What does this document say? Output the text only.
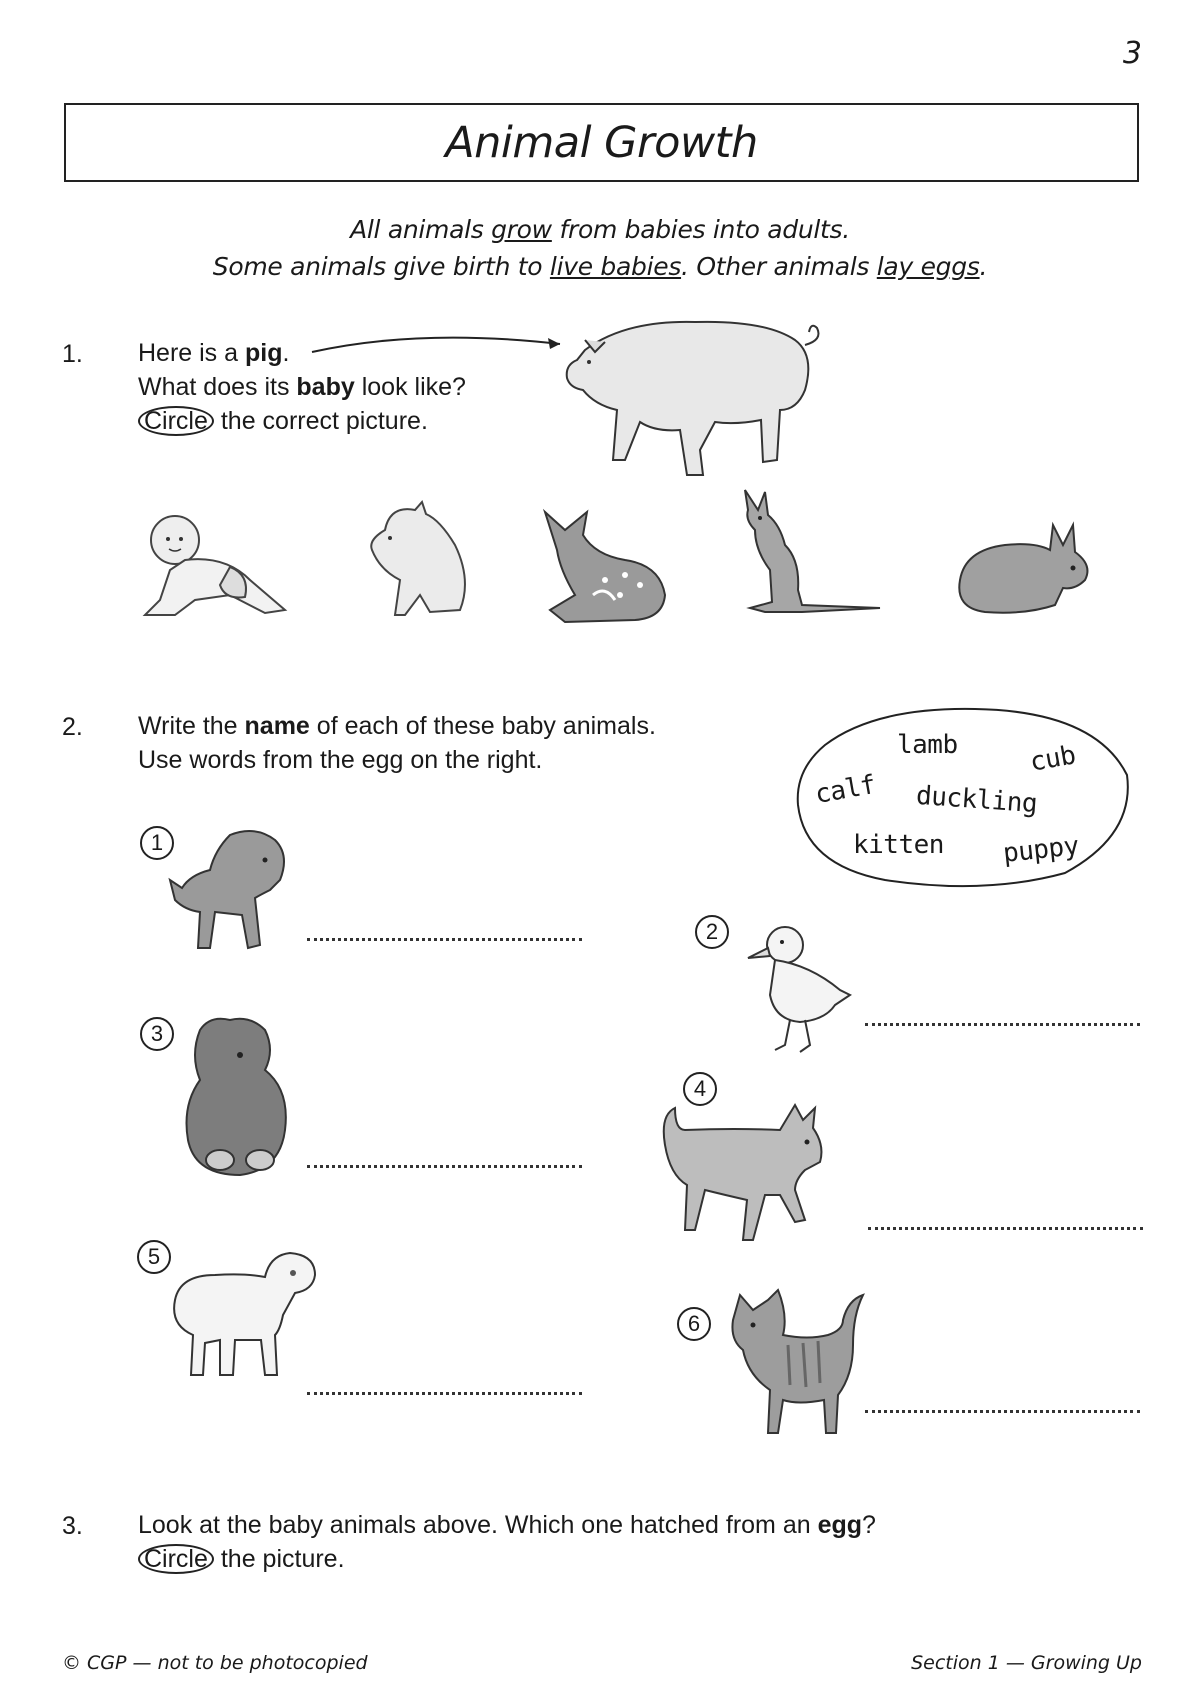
3
Animal Growth
All animals grow from babies into adults.
Some animals give birth to live babies. Other animals lay eggs.
1. Here is a pig.
What does its baby look like?
Circle the correct picture.
2. Write the name of each of these baby animals.
Use words from the egg on the right.	lamb	cub
calf duckling
kitten puppy
1
2
3
4
5
6
3. Look at the baby animals above. Which one hatched from an egg?
Circle the picture.
© CGP — not to be photocopied	Section 1 — Growing Up
